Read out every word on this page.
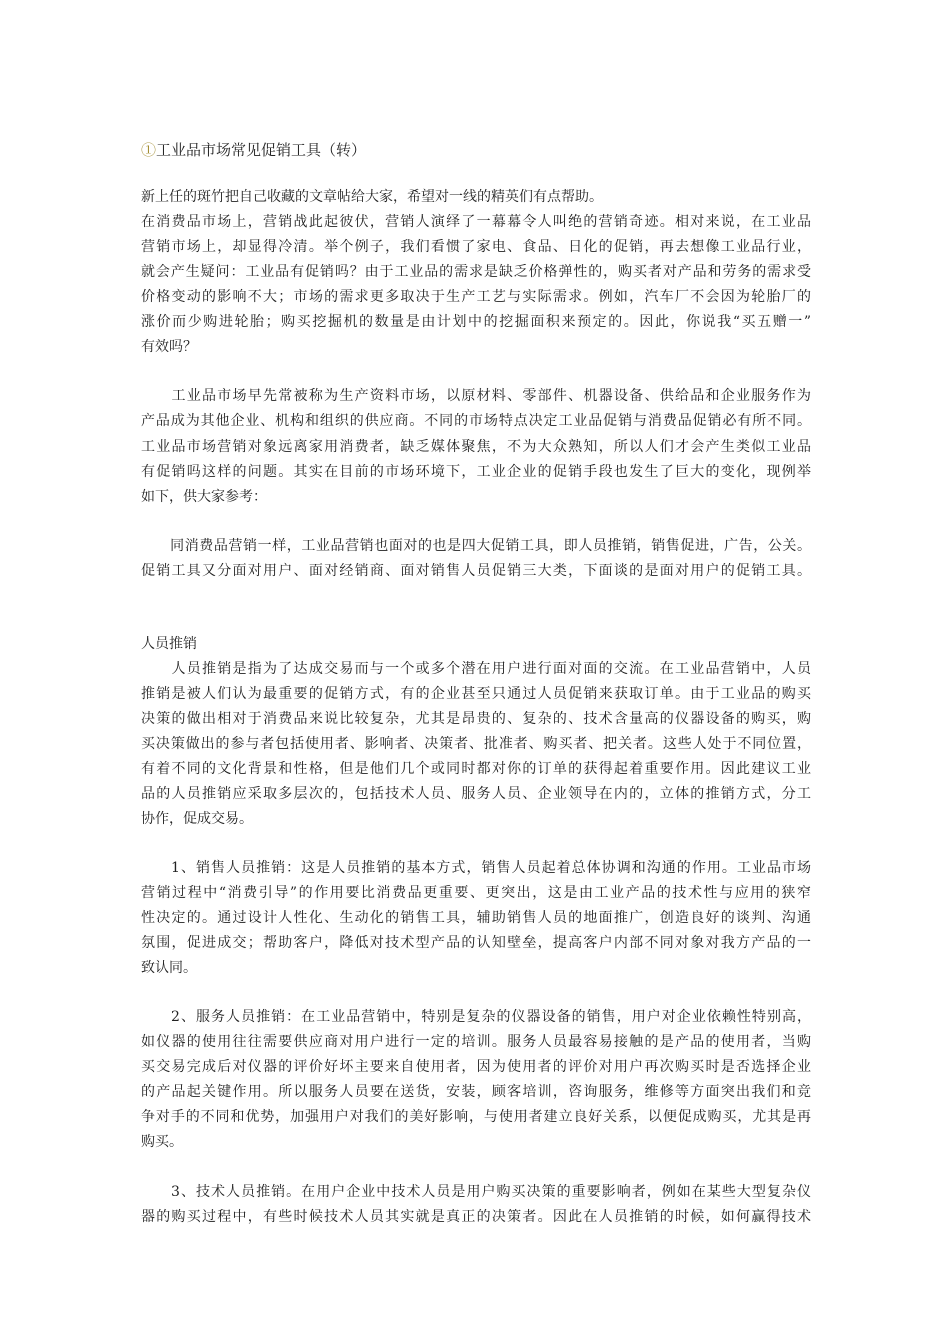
①工业品市场常见促销工具（转）
新上任的斑竹把自己收藏的文章帖给大家，希望对一线的精英们有点帮助。
在消费品市场上，营销战此起彼伏，营销人演绎了一幕幕令人叫绝的营销奇迹。相对来说，在工业品
营销市场上，却显得冷清。举个例子，我们看惯了家电、食品、日化的促销，再去想像工业品行业，
就会产生疑问：工业品有促销吗？由于工业品的需求是缺乏价格弹性的，购买者对产品和劳务的需求受
价格变动的影响不大；市场的需求更多取决于生产工艺与实际需求。例如，汽车厂不会因为轮胎厂的
涨价而少购进轮胎；购买挖掘机的数量是由计划中的挖掘面积来预定的。因此，你说我“买五赠一”
有效吗？
　　工业品市场早先常被称为生产资料市场，以原材料、零部件、机器设备、供给品和企业服务作为
产品成为其他企业、机构和组织的供应商。不同的市场特点决定工业品促销与消费品促销必有所不同。
工业品市场营销对象远离家用消费者，缺乏媒体聚焦，不为大众熟知，所以人们才会产生类似工业品
有促销吗这样的问题。其实在目前的市场环境下，工业企业的促销手段也发生了巨大的变化，现例举
如下，供大家参考：
　　同消费品营销一样，工业品营销也面对的也是四大促销工具，即人员推销，销售促进，广告，公关。
促销工具又分面对用户、面对经销商、面对销售人员促销三大类，下面谈的是面对用户的促销工具。
人员推销
　　人员推销是指为了达成交易而与一个或多个潜在用户进行面对面的交流。在工业品营销中，人员
推销是被人们认为最重要的促销方式，有的企业甚至只通过人员促销来获取订单。由于工业品的购买
决策的做出相对于消费品来说比较复杂，尤其是昂贵的、复杂的、技术含量高的仪器设备的购买，购
买决策做出的参与者包括使用者、影响者、决策者、批准者、购买者、把关者。这些人处于不同位置，
有着不同的文化背景和性格，但是他们几个或同时都对你的订单的获得起着重要作用。因此建议工业
品的人员推销应采取多层次的，包括技术人员、服务人员、企业领导在内的，立体的推销方式，分工
协作，促成交易。
　　1、销售人员推销：这是人员推销的基本方式，销售人员起着总体协调和沟通的作用。工业品市场
营销过程中“消费引导”的作用要比消费品更重要、更突出，这是由工业产品的技术性与应用的狭窄
性决定的。通过设计人性化、生动化的销售工具，辅助销售人员的地面推广，创造良好的谈判、沟通
氛围，促进成交；帮助客户，降低对技术型产品的认知壁垒，提高客户内部不同对象对我方产品的一
致认同。
　　2、服务人员推销：在工业品营销中，特别是复杂的仪器设备的销售，用户对企业依赖性特别高，
如仪器的使用往往需要供应商对用户进行一定的培训。服务人员最容易接触的是产品的使用者，当购
买交易完成后对仪器的评价好坏主要来自使用者，因为使用者的评价对用户再次购买时是否选择企业
的产品起关键作用。所以服务人员要在送货，安装，顾客培训，咨询服务，维修等方面突出我们和竞
争对手的不同和优势，加强用户对我们的美好影响，与使用者建立良好关系，以便促成购买，尤其是再
购买。
　　3、技术人员推销。在用户企业中技术人员是用户购买决策的重要影响者，例如在某些大型复杂仪
器的购买过程中，有些时候技术人员其实就是真正的决策者。因此在人员推销的时候，如何赢得技术
